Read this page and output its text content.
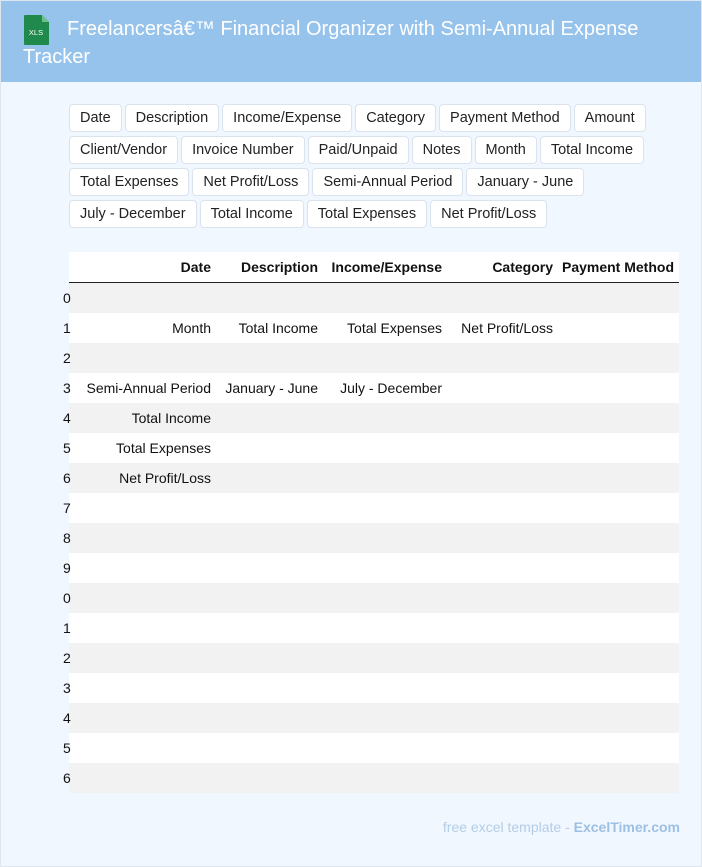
XLS	Freelancersâ€™ Financial Organizer with Semi-Annual Expense Tracker
Date	Description	Income/Expense	Category	Payment Method	Amount
Client/Vendor	Invoice Number	Paid/Unpaid	Notes	Month	Total Income
Total Expenses	Net Profit/Loss	Semi-Annual Period	January - June
July - December	Total Income	Total Expenses	Net Profit/Loss
	Date	Description	Income/Expense	Category	Payment Method
0					
1	Month	Total Income	Total Expenses	Net Profit/Loss	
2					
3	Semi-Annual Period	January - June	July - December		
4	Total Income				
5	Total Expenses				
6	Net Profit/Loss				
7					
8					
9					
0					
1					
2					
3					
4					
5					
6					
free excel template - ExcelTimer.com
